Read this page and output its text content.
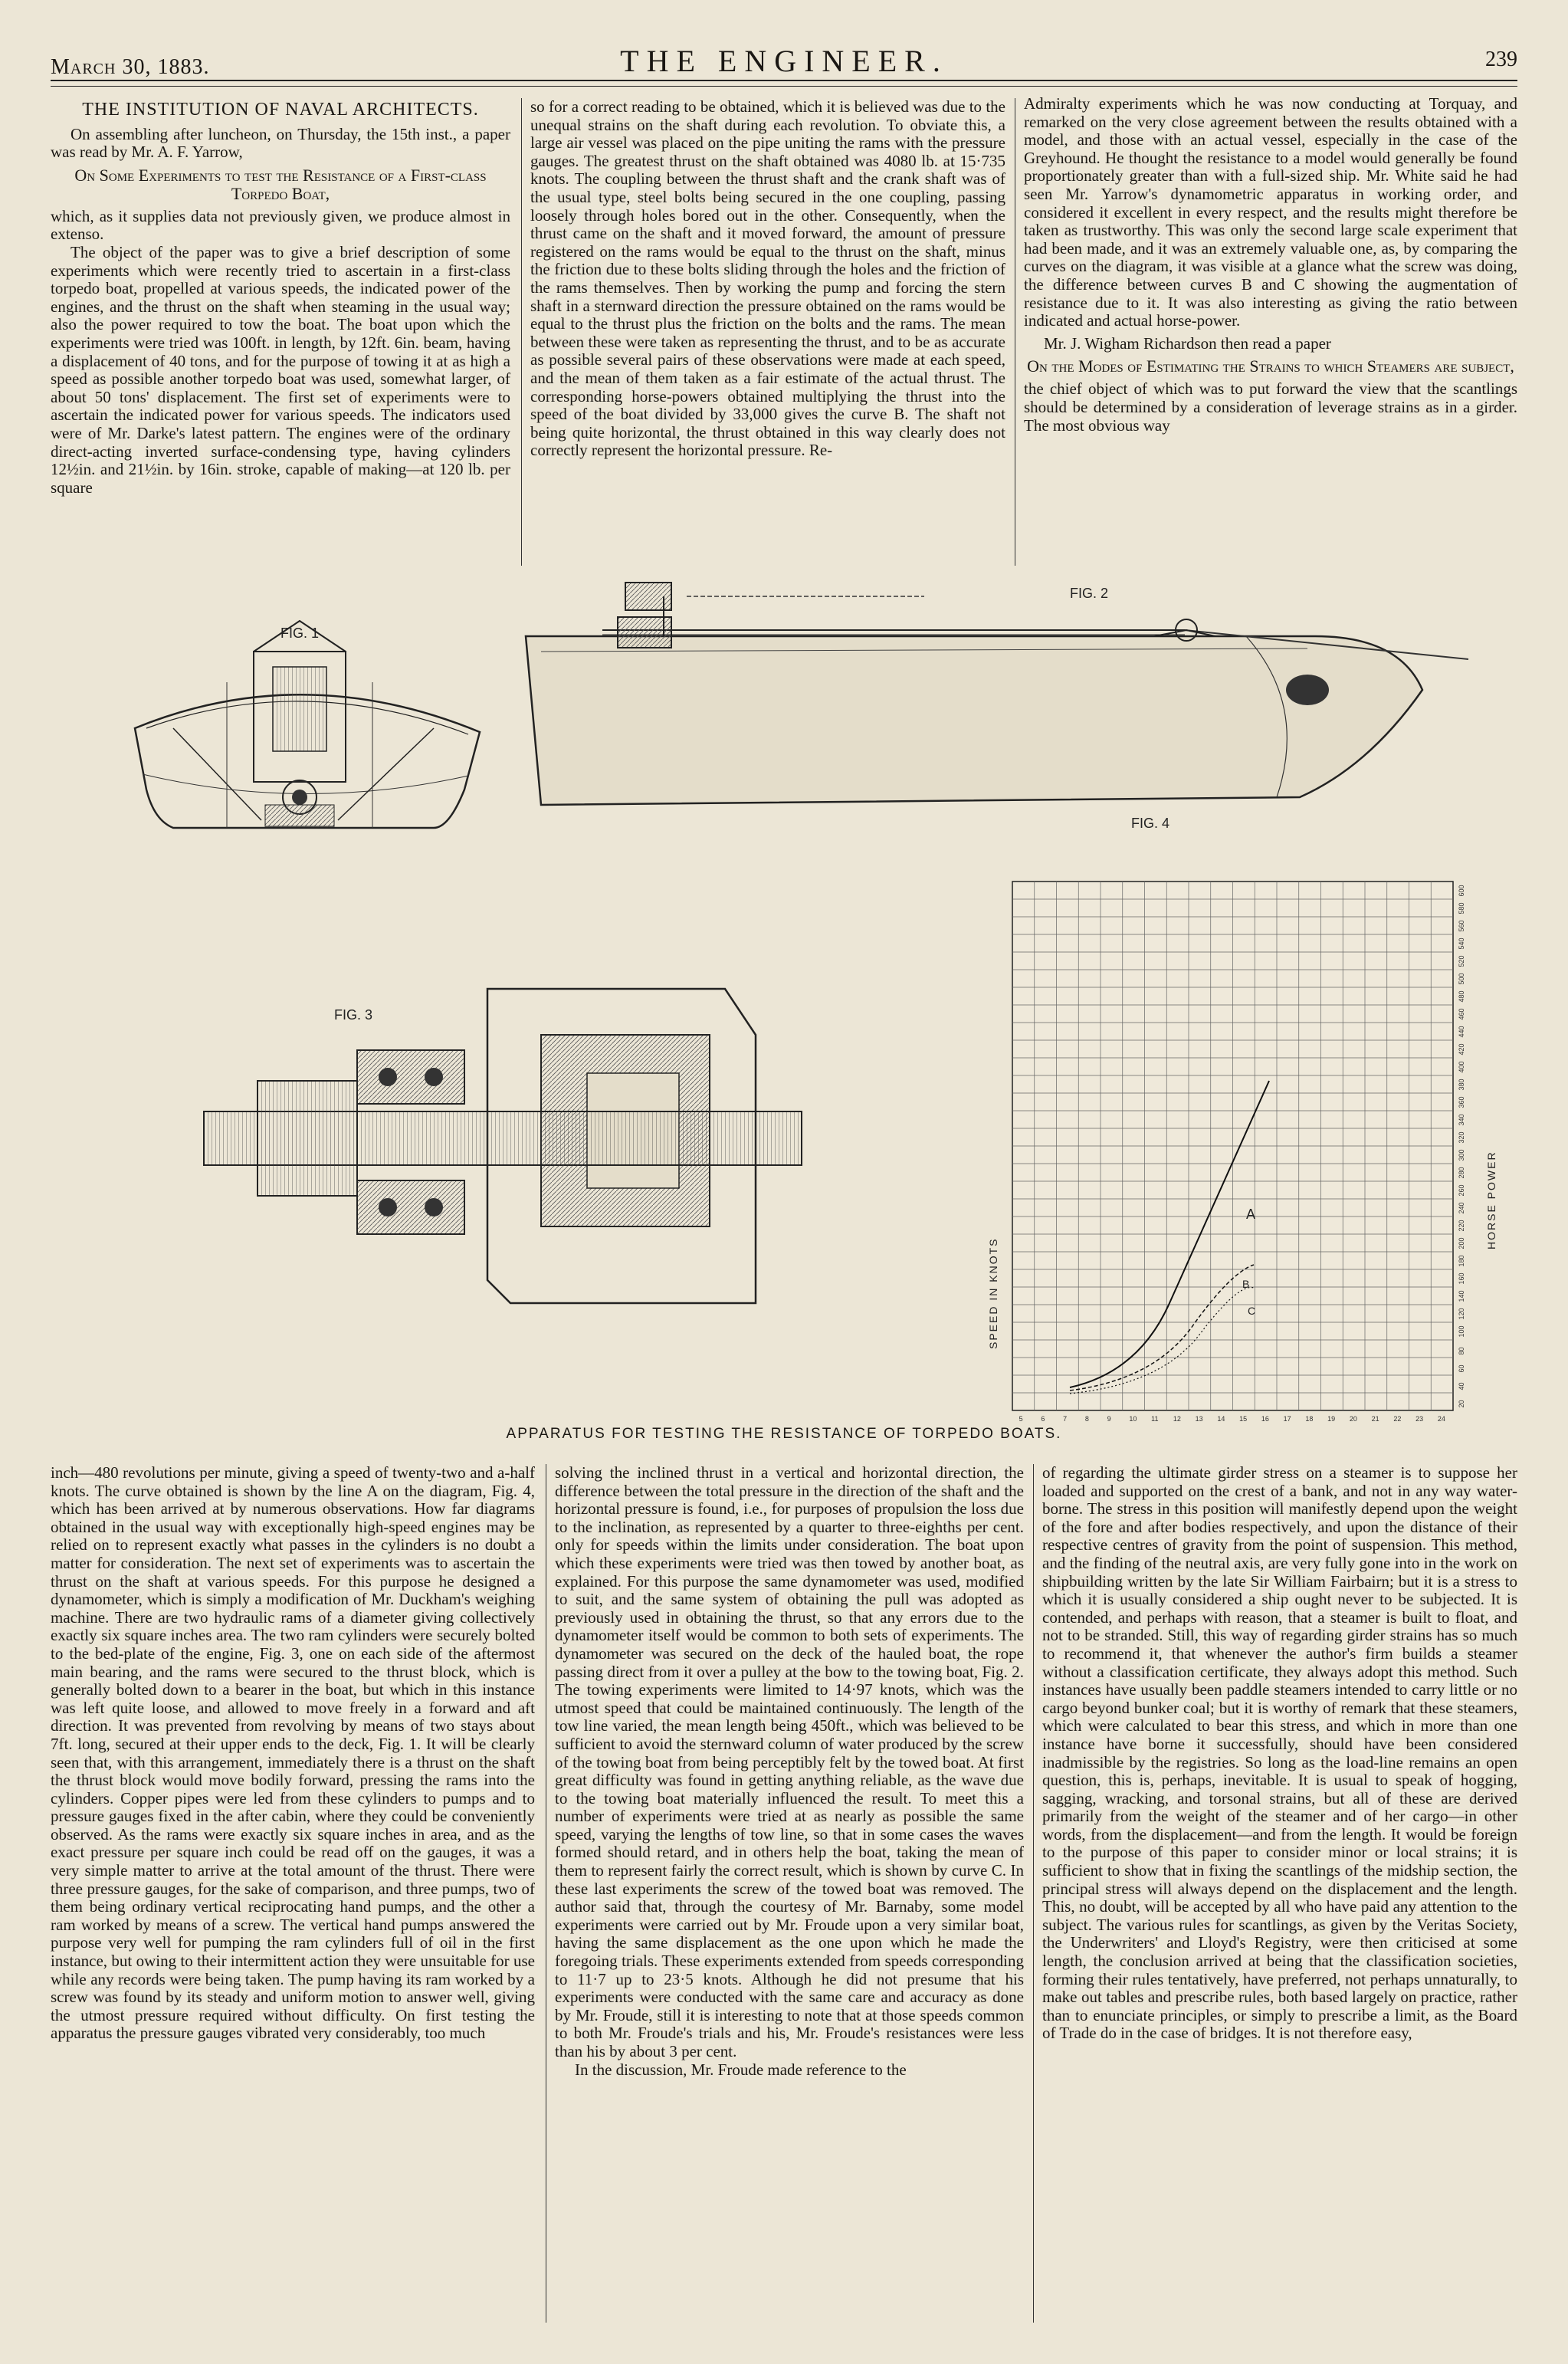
March 30, 1883.	THE ENGINEER.	239
THE INSTITUTION OF NAVAL ARCHITECTS.

On assembling after luncheon, on Thursday, the 15th inst., a paper was read by Mr. A. F. Yarrow,

On Some Experiments to test the Resistance of a First-class Torpedo Boat,

which, as it supplies data not previously given, we produce almost in extenso.

The object of the paper was to give a brief description of some experiments which were recently tried to ascertain in a first-class torpedo boat, propelled at various speeds, the indicated power of the engines, and the thrust on the shaft when steaming in the usual way; also the power required to tow the boat. The boat upon which the experiments were tried was 100ft. in length, by 12ft. 6in. beam, having a displacement of 40 tons, and for the purpose of towing it at as high a speed as possible another torpedo boat was used, somewhat larger, of about 50 tons' displacement. The first set of experiments were to ascertain the indicated power for various speeds. The indicators used were of Mr. Darke's latest pattern. The engines were of the ordinary direct-acting inverted surface-condensing type, having cylinders 12½in. and 21½in. by 16in. stroke, capable of making—at 120 lb. per square

so for a correct reading to be obtained, which it is believed was due to the unequal strains on the shaft during each revolution. To obviate this, a large air vessel was placed on the pipe uniting the rams with the pressure gauges. The greatest thrust on the shaft obtained was 4080 lb. at 15·735 knots. The coupling between the thrust shaft and the crank shaft was of the usual type, steel bolts being secured in the one coupling, passing loosely through holes bored out in the other. Consequently, when the thrust came on the shaft and it moved forward, the amount of pressure registered on the rams would be equal to the thrust on the shaft, minus the friction due to these bolts sliding through the holes and the friction of the rams themselves. Then by working the pump and forcing the stern shaft in a sternward direction the pressure obtained on the rams would be equal to the thrust plus the friction on the bolts and the rams. The mean between these were taken as representing the thrust, and to be as accurate as possible several pairs of these observations were made at each speed, and the mean of them taken as a fair estimate of the actual thrust. The corresponding horse-powers obtained multiplying the thrust into the speed of the boat divided by 33,000 gives the curve B. The shaft not being quite horizontal, the thrust obtained in this way clearly does not correctly represent the horizontal pressure. Re-

Admiralty experiments which he was now conducting at Torquay, and remarked on the very close agreement between the results obtained with a model, and those with an actual vessel, especially in the case of the Greyhound. He thought the resistance to a model would generally be found proportionately greater than with a full-sized ship. Mr. White said he had seen Mr. Yarrow's dynamometric apparatus in working order, and considered it excellent in every respect, and the results might therefore be taken as trustworthy. This was only the second large scale experiment that had been made, and it was an extremely valuable one, as, by comparing the curves on the diagram, it was visible at a glance what the screw was doing, the difference between curves B and C showing the augmentation of resistance due to it. It was also interesting as giving the ratio between indicated and actual horse-power.

Mr. J. Wigham Richardson then read a paper

On the Modes of Estimating the Strains to which Steamers are subject,

the chief object of which was to put forward the view that the scantlings should be determined by a consideration of leverage strains as in a girder. The most obvious way

FIG. 1
FIG. 2
FIG. 3
FIG. 4
SPEED IN KNOTS
HORSE POWER
A
B
C
5	6	7	8	9	10 11 12 13 14 15 16 17 18 19 20 21 22 23 24
20
40
60
80
100
120
140
160
180
200
220
240
260
280
300
320
340
360
380
400
420
440
460
480
500
520
540
560
580
600
APPARATUS FOR TESTING THE RESISTANCE OF TORPEDO BOATS.

inch—480 revolutions per minute, giving a speed of twenty-two and a-half knots. The curve obtained is shown by the line A on the diagram, Fig. 4, which has been arrived at by numerous observations. How far diagrams obtained in the usual way with exceptionally high-speed engines may be relied on to represent exactly what passes in the cylinders is no doubt a matter for consideration. The next set of experiments was to ascertain the thrust on the shaft at various speeds. For this purpose he designed a dynamometer, which is simply a modification of Mr. Duckham's weighing machine. There are two hydraulic rams of a diameter giving collectively exactly six square inches area. The two ram cylinders were securely bolted to the bed-plate of the engine, Fig. 3, one on each side of the aftermost main bearing, and the rams were secured to the thrust block, which is generally bolted down to a bearer in the boat, but which in this instance was left quite loose, and allowed to move freely in a forward and aft direction. It was prevented from revolving by means of two stays about 7ft. long, secured at their upper ends to the deck, Fig. 1. It will be clearly seen that, with this arrangement, immediately there is a thrust on the shaft the thrust block would move bodily forward, pressing the rams into the cylinders. Copper pipes were led from these cylinders to pumps and to pressure gauges fixed in the after cabin, where they could be conveniently observed. As the rams were exactly six square inches in area, and as the exact pressure per square inch could be read off on the gauges, it was a very simple matter to arrive at the total amount of the thrust. There were three pressure gauges, for the sake of comparison, and three pumps, two of them being ordinary vertical reciprocating hand pumps, and the other a ram worked by means of a screw. The vertical hand pumps answered the purpose very well for pumping the ram cylinders full of oil in the first instance, but owing to their intermittent action they were unsuitable for use while any records were being taken. The pump having its ram worked by a screw was found by its steady and uniform motion to answer well, giving the utmost pressure required without difficulty. On first testing the apparatus the pressure gauges vibrated very considerably, too much

solving the inclined thrust in a vertical and horizontal direction, the difference between the total pressure in the direction of the shaft and the horizontal pressure is found, i.e., for purposes of propulsion the loss due to the inclination, as represented by a quarter to three-eighths per cent. only for speeds within the limits under consideration. The boat upon which these experiments were tried was then towed by another boat, as explained. For this purpose the same dynamometer was used, modified to suit, and the same system of obtaining the pull was adopted as previously used in obtaining the thrust, so that any errors due to the dynamometer itself would be common to both sets of experiments. The dynamometer was secured on the deck of the hauled boat, the rope passing direct from it over a pulley at the bow to the towing boat, Fig. 2. The towing experiments were limited to 14·97 knots, which was the utmost speed that could be maintained continuously. The length of the tow line varied, the mean length being 450ft., which was believed to be sufficient to avoid the sternward column of water produced by the screw of the towing boat from being perceptibly felt by the towed boat. At first great difficulty was found in getting anything reliable, as the wave due to the towing boat materially influenced the result. To meet this a number of experiments were tried at as nearly as possible the same speed, varying the lengths of tow line, so that in some cases the waves formed should retard, and in others help the boat, taking the mean of them to represent fairly the correct result, which is shown by curve C. In these last experiments the screw of the towed boat was removed. The author said that, through the courtesy of Mr. Barnaby, some model experiments were carried out by Mr. Froude upon a very similar boat, having the same displacement as the one upon which he made the foregoing trials. These experiments extended from speeds corresponding to 11·7 up to 23·5 knots. Although he did not presume that his experiments were conducted with the same care and accuracy as done by Mr. Froude, still it is interesting to note that at those speeds common to both Mr. Froude's trials and his, Mr. Froude's resistances were less than his by about 3 per cent.

In the discussion, Mr. Froude made reference to the

of regarding the ultimate girder stress on a steamer is to suppose her loaded and supported on the crest of a bank, and not in any way water-borne. The stress in this position will manifestly depend upon the weight of the fore and after bodies respectively, and upon the distance of their respective centres of gravity from the point of suspension. This method, and the finding of the neutral axis, are very fully gone into in the work on shipbuilding written by the late Sir William Fairbairn; but it is a stress to which it is usually considered a ship ought never to be subjected. It is contended, and perhaps with reason, that a steamer is built to float, and not to be stranded. Still, this way of regarding girder strains has so much to recommend it, that whenever the author's firm builds a steamer without a classification certificate, they always adopt this method. Such instances have usually been paddle steamers intended to carry little or no cargo beyond bunker coal; but it is worthy of remark that these steamers, which were calculated to bear this stress, and which in more than one instance have borne it successfully, should have been considered inadmissible by the registries. So long as the load-line remains an open question, this is, perhaps, inevitable. It is usual to speak of hogging, sagging, wracking, and torsonal strains, but all of these are derived primarily from the weight of the steamer and of her cargo—in other words, from the displacement—and from the length. It would be foreign to the purpose of this paper to consider minor or local strains; it is sufficient to show that in fixing the scantlings of the midship section, the principal stress will always depend on the displacement and the length. This, no doubt, will be accepted by all who have paid any attention to the subject. The various rules for scantlings, as given by the Veritas Society, the Underwriters' and Lloyd's Registry, were then criticised at some length, the conclusion arrived at being that the classification societies, forming their rules tentatively, have preferred, not perhaps unnaturally, to make out tables and prescribe rules, both based largely on practice, rather than to enunciate principles, or simply to prescribe a limit, as the Board of Trade do in the case of bridges. It is not therefore easy,
